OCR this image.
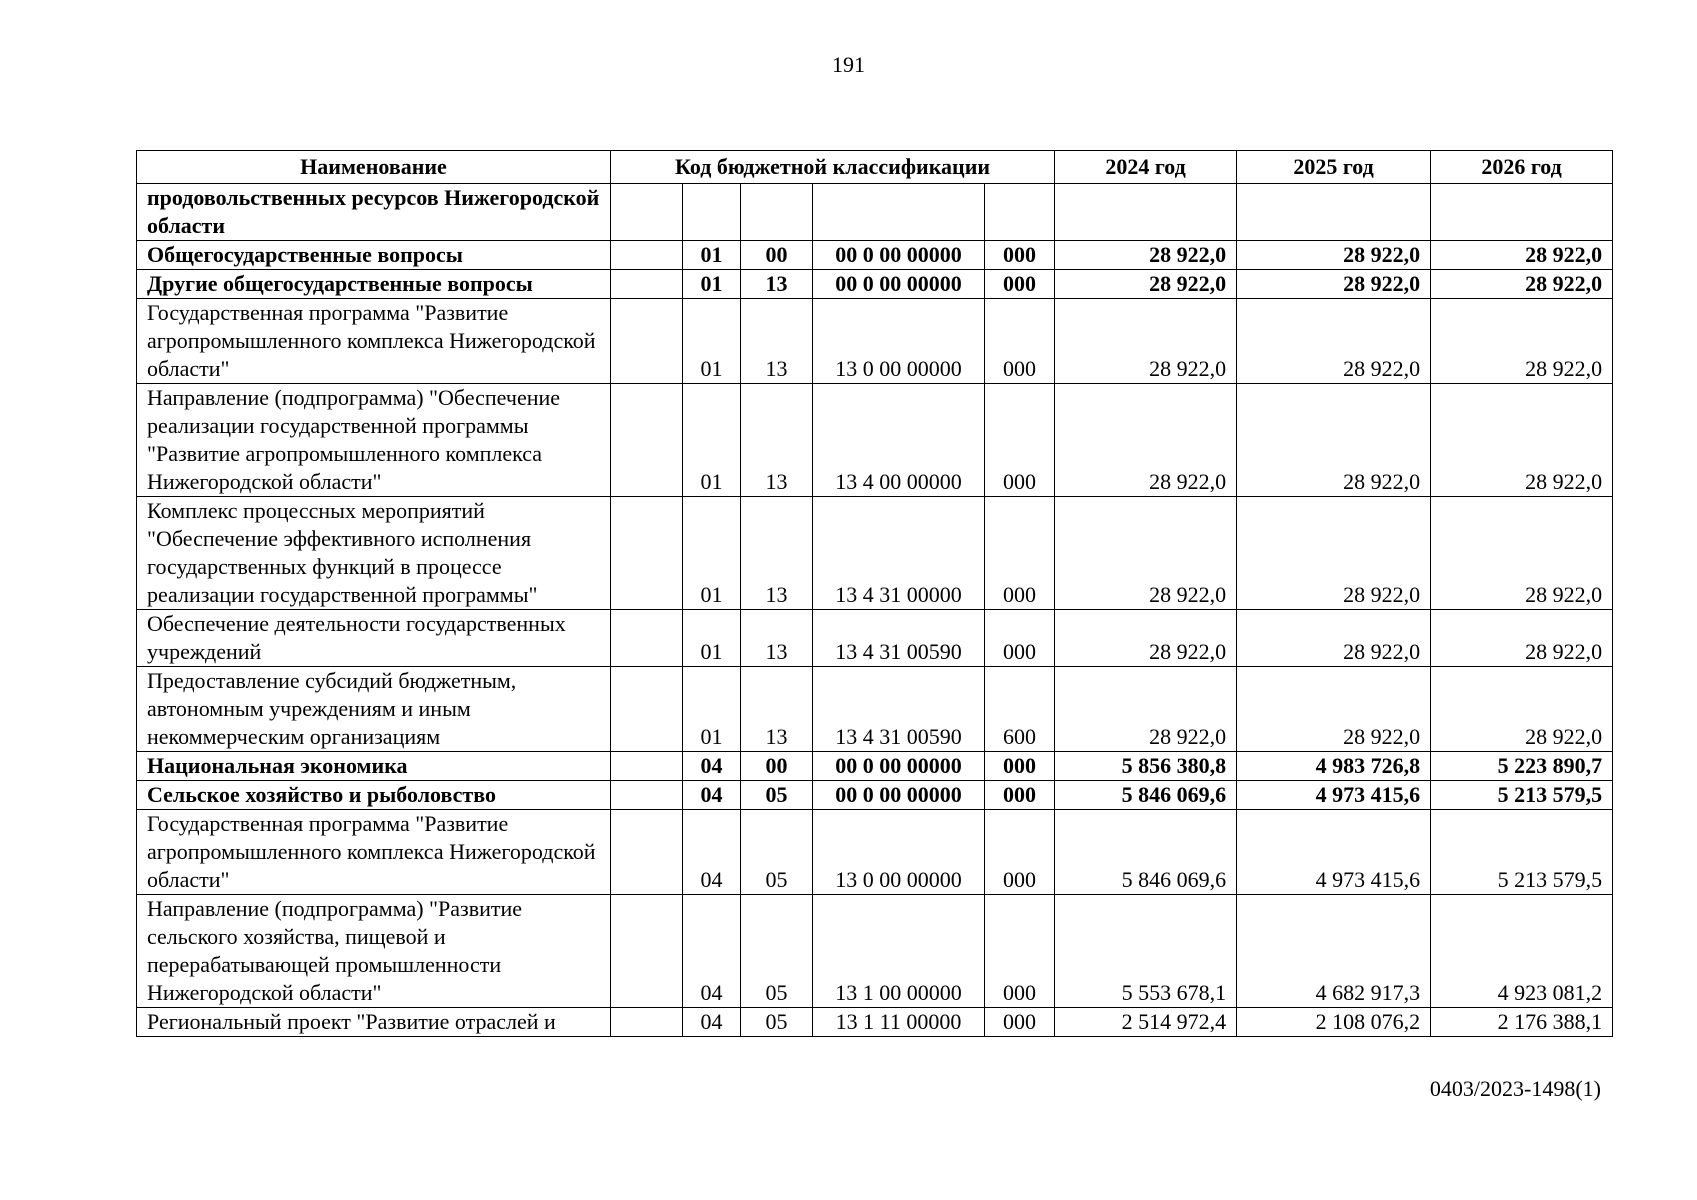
191
Наименование	Код бюджетной классификации					2024 год	2025 год	2026 год
продовольственных ресурсов Нижегородской области								
Общегосударственные вопросы		01	00	00 0 00 00000	000	28 922,0	28 922,0	28 922,0
Другие общегосударственные вопросы		01	13	00 0 00 00000	000	28 922,0	28 922,0	28 922,0
Государственная программа "Развитие агропромышленного комплекса Нижегородской области"		01	13	13 0 00 00000	000	28 922,0	28 922,0	28 922,0
Направление (подпрограмма) "Обеспечение реализации государственной программы "Развитие агропромышленного комплекса Нижегородской области"		01	13	13 4 00 00000	000	28 922,0	28 922,0	28 922,0
Комплекс процессных мероприятий "Обеспечение эффективного исполнения государственных функций в процессе реализации государственной программы"		01	13	13 4 31 00000	000	28 922,0	28 922,0	28 922,0
Обеспечение деятельности государственных учреждений		01	13	13 4 31 00590	000	28 922,0	28 922,0	28 922,0
Предоставление субсидий бюджетным, автономным учреждениям и иным некоммерческим организациям		01	13	13 4 31 00590	600	28 922,0	28 922,0	28 922,0
Национальная экономика		04	00	00 0 00 00000	000	5 856 380,8	4 983 726,8	5 223 890,7
Сельское хозяйство и рыболовство		04	05	00 0 00 00000	000	5 846 069,6	4 973 415,6	5 213 579,5
Государственная программа "Развитие агропромышленного комплекса Нижегородской области"		04	05	13 0 00 00000	000	5 846 069,6	4 973 415,6	5 213 579,5
Направление (подпрограмма) "Развитие сельского хозяйства, пищевой и перерабатывающей промышленности Нижегородской области"		04	05	13 1 00 00000	000	5 553 678,1	4 682 917,3	4 923 081,2
Региональный проект "Развитие отраслей и		04	05	13 1 11 00000	000	2 514 972,4	2 108 076,2	2 176 388,1
0403/2023-1498(1)
